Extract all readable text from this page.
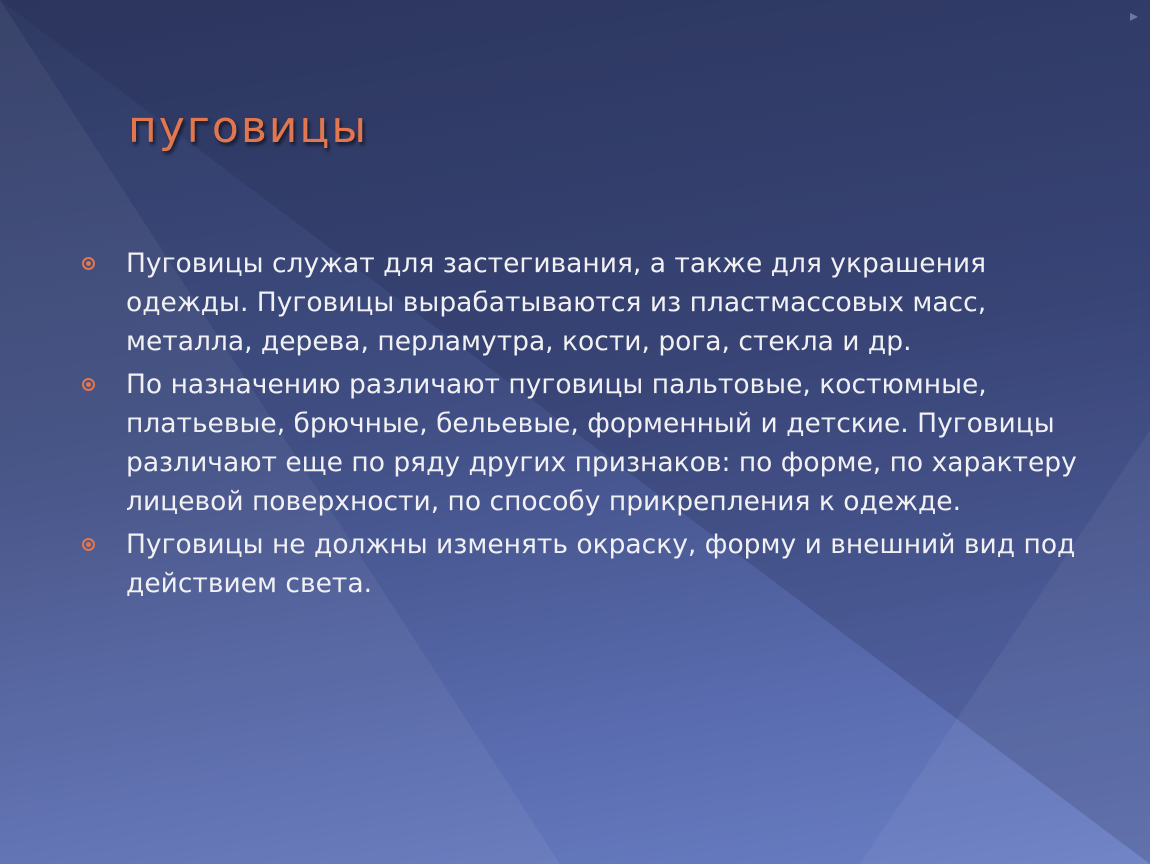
▸
пуговицы
Пуговицы служат для застегивания, а также для украшения одежды. Пуговицы вырабатываются из пластмассовых масс, металла, дерева, перламутра, кости, рога, стекла и др.
По назначению различают пуговицы пальтовые, костюмные, платьевые, брючные, бельевые, форменный и детские. Пуговицы различают еще по ряду других признаков: по форме, по характеру лицевой поверхности, по способу прикрепления к одежде.
Пуговицы не должны изменять окраску, форму и внешний вид под действием света.
